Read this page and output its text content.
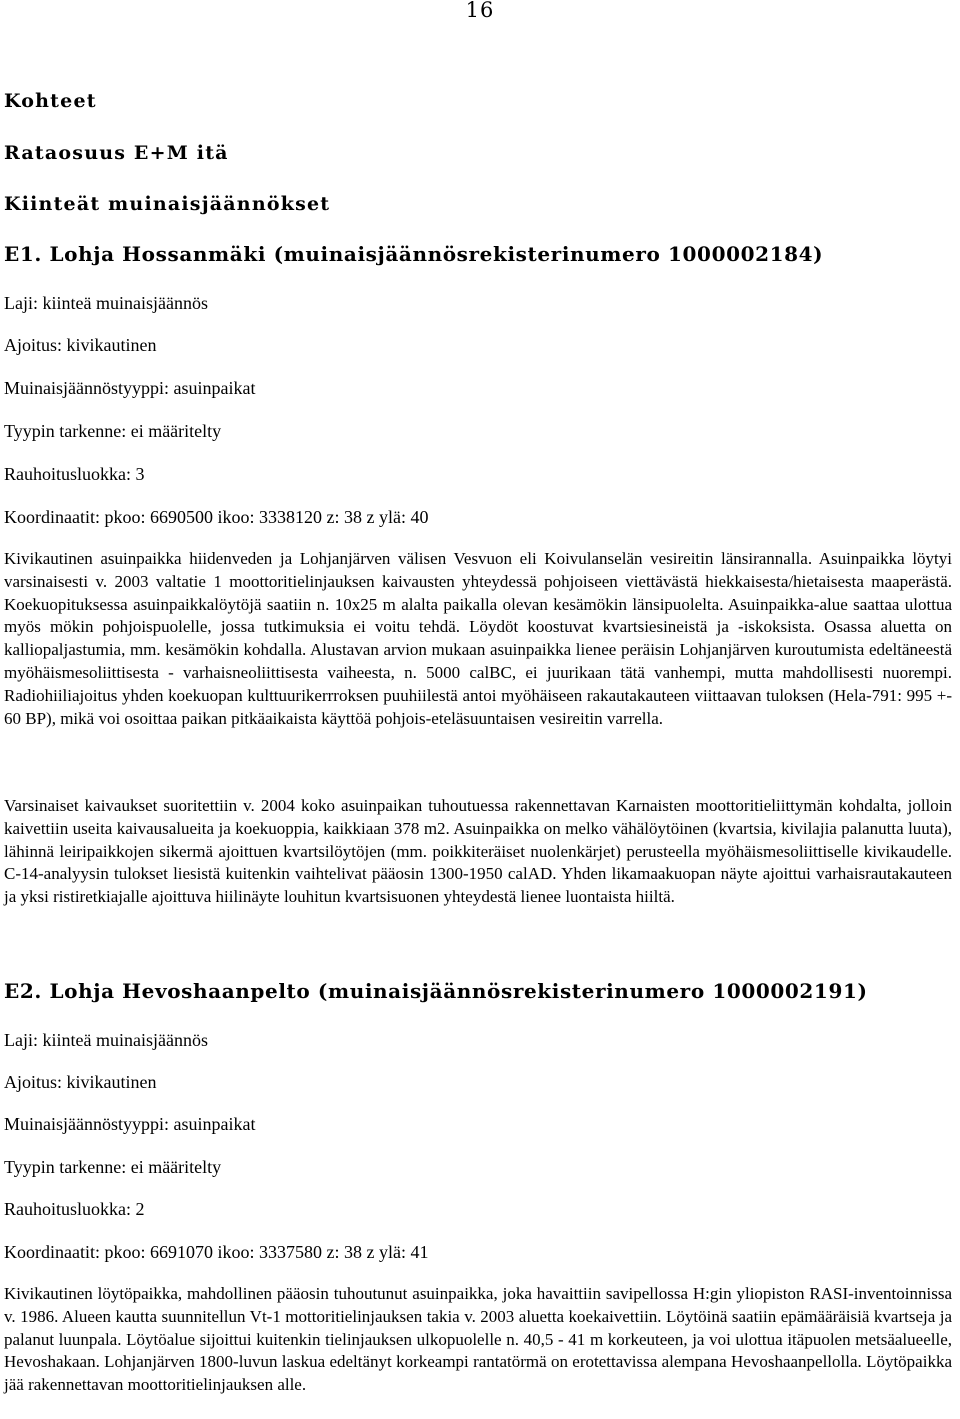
16
Kohteet
Rataosuus E+M itä
Kiinteät muinaisjäännökset
E1. Lohja Hossanmäki (muinaisjäännösrekisterinumero 1000002184)
Laji: kiinteä muinaisjäännös
Ajoitus: kivikautinen
Muinaisjäännöstyyppi: asuinpaikat
Tyypin tarkenne: ei määritelty
Rauhoitusluokka: 3
Koordinaatit: pkoo: 6690500 ikoo: 3338120 z: 38 z ylä: 40

Kivikautinen asuinpaikka hiidenveden ja Lohjanjärven välisen Vesvuon eli Koivulanselän vesireitin länsirannalla. Asuinpaikka löytyi varsinaisesti v. 2003 valtatie 1 moottoritielinjauksen kaivausten yhteydessä pohjoiseen viettävästä hiekkaisesta/hietaisesta maaperästä. Koekuopituksessa asuinpaikkalöytöjä saatiin n. 10x25 m alalta paikalla olevan kesämökin länsipuolelta. Asuinpaikka-alue saattaa ulottua myös mökin pohjoispuolelle, jossa tutkimuksia ei voitu tehdä. Löydöt koostuvat kvartsiesineistä ja -iskoksista. Osassa aluetta on kalliopaljastumia, mm. kesämökin kohdalla. Alustavan arvion mukaan asuinpaikka lienee peräisin Lohjanjärven kuroutumista edeltäneestä myöhäismesoliittisesta - varhaisneoliittisesta vaiheesta, n. 5000 calBC, ei juurikaan tätä vanhempi, mutta mahdollisesti nuorempi. Radiohiiliajoitus yhden koekuopan kulttuurikerrroksen puuhiilestä antoi myöhäiseen rakautakauteen viittaavan tuloksen (Hela-791: 995 +- 60 BP), mikä voi osoittaa paikan pitkäaikaista käyttöä pohjois-eteläsuuntaisen vesireitin varrella.

Varsinaiset kaivaukset suoritettiin v. 2004 koko asuinpaikan tuhoutuessa rakennettavan Karnaisten moottoritieliittymän kohdalta, jolloin kaivettiin useita kaivausalueita ja koekuoppia, kaikkiaan 378 m2. Asuinpaikka on melko vähälöytöinen (kvartsia, kivilajia palanutta luuta), lähinnä leiripaikkojen sikermä ajoittuen kvartsilöytöjen (mm. poikkiteräiset nuolenkärjet) perusteella myöhäismesoliittiselle kivikaudelle. C-14-analyysin tulokset liesistä kuitenkin vaihtelivat pääosin 1300-1950 calAD. Yhden likamaakuopan näyte ajoittui varhaisrautakauteen ja yksi ristiretkiajalle ajoittuva hiilinäyte louhitun kvartsisuonen yhteydestä lienee luontaista hiiltä.

E2. Lohja Hevoshaanpelto (muinaisjäännösrekisterinumero 1000002191)
Laji: kiinteä muinaisjäännös
Ajoitus: kivikautinen
Muinaisjäännöstyyppi: asuinpaikat
Tyypin tarkenne: ei määritelty
Rauhoitusluokka: 2
Koordinaatit: pkoo: 6691070 ikoo: 3337580 z: 38 z ylä: 41

Kivikautinen löytöpaikka, mahdollinen pääosin tuhoutunut asuinpaikka, joka havaittiin savipellossa H:gin yliopiston RASI-inventoinnissa v. 1986. Alueen kautta suunnitellun Vt-1 mottoritielinjauksen takia v. 2003 aluetta koekaivettiin. Löytöinä saatiin epämääräisiä kvartseja ja palanut luunpala. Löytöalue sijoittui kuitenkin tielinjauksen ulkopuolelle n. 40,5 - 41 m korkeuteen, ja voi ulottua itäpuolen metsäalueelle, Hevoshakaan. Lohjanjärven 1800-luvun laskua edeltänyt korkeampi rantatörmä on erotettavissa alempana Hevoshaanpellolla. Löytöpaikka jää rakennettavan moottoritielinjauksen alle.
